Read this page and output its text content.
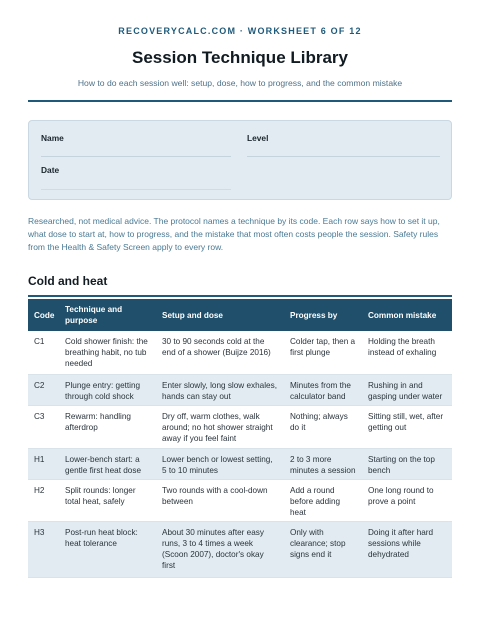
RECOVERYCALC.COM · WORKSHEET 6 OF 12
Session Technique Library
How to do each session well: setup, dose, how to progress, and the common mistake
Name	Level
Date
Researched, not medical advice. The protocol names a technique by its code. Each row says how to set it up, what dose to start at, how to progress, and the mistake that most often costs people the session. Safety rules from the Health & Safety Screen apply to every row.
Cold and heat
Code	Technique and purpose	Setup and dose	Progress by	Common mistake
C1	Cold shower finish: the breathing habit, no tub needed	30 to 90 seconds cold at the end of a shower (Buijze 2016)	Colder tap, then a first plunge	Holding the breath instead of exhaling
C2	Plunge entry: getting through cold shock	Enter slowly, long slow exhales, hands can stay out	Minutes from the calculator band	Rushing in and gasping under water
C3	Rewarm: handling afterdrop	Dry off, warm clothes, walk around; no hot shower straight away if you feel faint	Nothing; always do it	Sitting still, wet, after getting out
H1	Lower-bench start: a gentle first heat dose	Lower bench or lowest setting, 5 to 10 minutes	2 to 3 more minutes a session	Starting on the top bench
H2	Split rounds: longer total heat, safely	Two rounds with a cool-down between	Add a round before adding heat	One long round to prove a point
H3	Post-run heat block: heat tolerance	About 30 minutes after easy runs, 3 to 4 times a week (Scoon 2007), doctor's okay first	Only with clearance; stop signs end it	Doing it after hard sessions while dehydrated
